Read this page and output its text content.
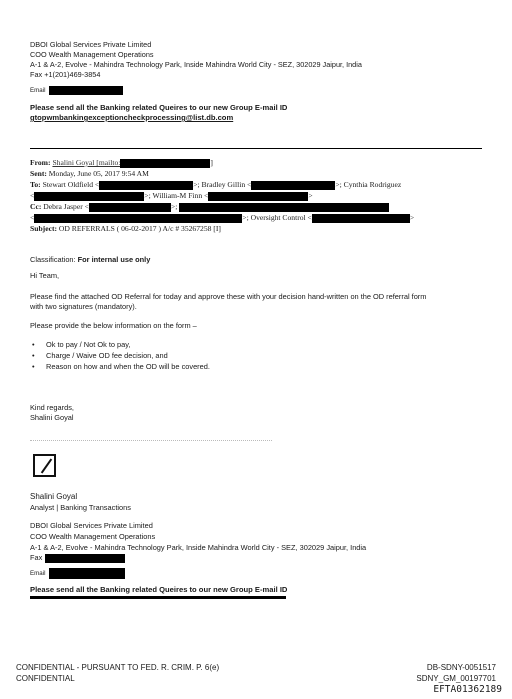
DBOI Global Services Private Limited
COO Wealth Management Operations
A-1 & A-2, Evolve - Mahindra Technology Park, Inside Mahindra World City - SEZ, 302029 Jaipur, India
Fax +1(201)469-3854
Email
Please send all the Banking related Queires to our new Group E-mail ID
gtopwmbankingexceptioncheckprocessing@list.db.com
From: Shalini Goyal [mailto:	]
Sent: Monday, June 05, 2017 9:54 AM
To: Stewart Oldfield <	>; Bradley Gillin <	>; Cynthia Rodriguez
<	>; William-M Finn <	>
Cc: Debra Jasper <	>;
<	>; Oversight Control <	>
Subject: OD REFERRALS ( 06-02-2017 ) A/c # 35267258 [I]
Classification: For internal use only
Hi Team,
Please find the attached OD Referral for today and approve these with your decision hand-written on the OD referral form
with two signatures (mandatory).
Please provide the below information on the form –
• Ok to pay / Not Ok to pay,
• Charge / Waive OD fee decision, and
• Reason on how and when the OD will be covered.
Kind regards,
Shalini Goyal
Shalini Goyal
Analyst | Banking Transactions
DBOI Global Services Private Limited
COO Wealth Management Operations
A-1 & A-2, Evolve - Mahindra Technology Park, Inside Mahindra World City - SEZ, 302029 Jaipur, India
Fax
Email
Please send all the Banking related Queires to our new Group E-mail ID
CONFIDENTIAL - PURSUANT TO FED. R. CRIM. P. 6(e)
CONFIDENTIAL
DB-SDNY-0051517
SDNY_GM_00197701
EFTA01362189
